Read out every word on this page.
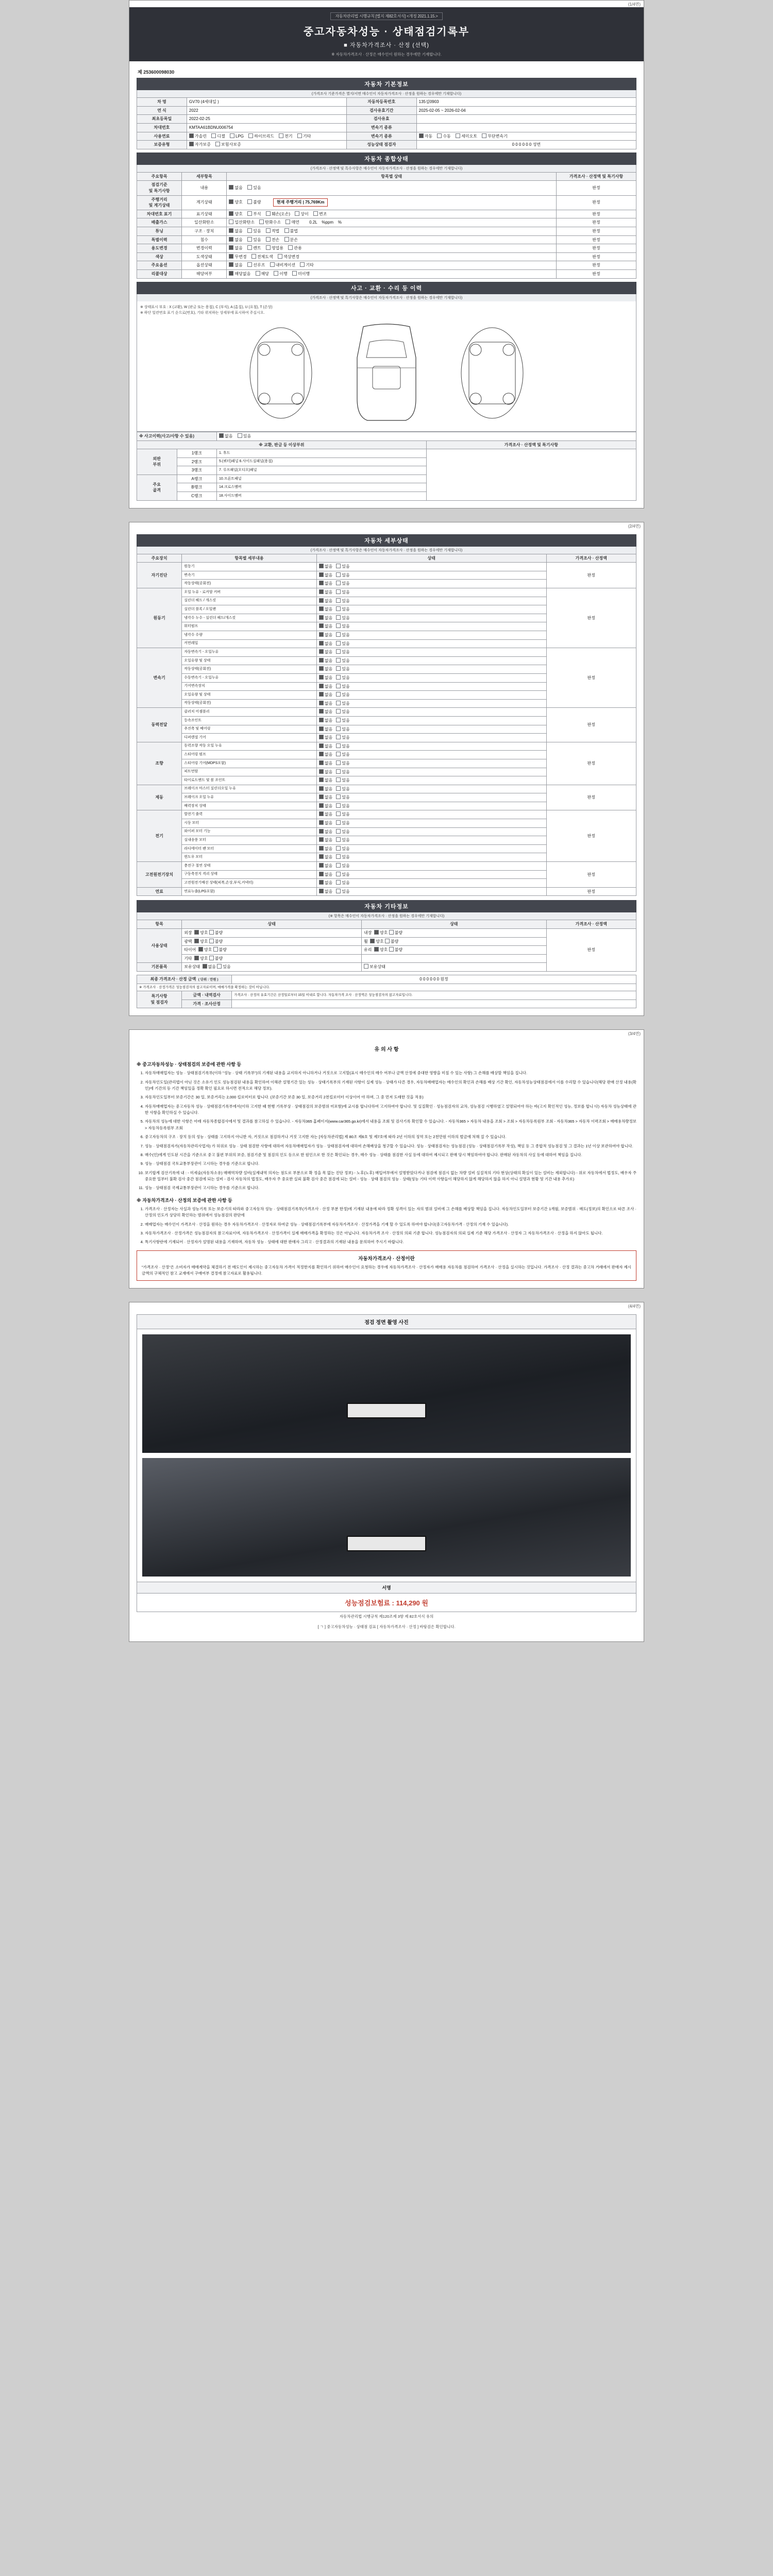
(1/4면)
자동차관리법 시행규칙 [별지 제82호서식] <개정 2021.1.15.>
중고자동차성능 · 상태점검기록부
■ 자동차가격조사 · 산정 (선택)
※ 자동차가격조사 · 산정은 매수인이 원하는 경우에만 기재합니다.
제 253600098030
자동차 기본정보
(가격조사 기준가격은 별지/서면 매수인이 자동차가격조사 · 산정을 원하는 경우에만 기재합니다)
차 명	GV70 (4세대일 )	자동차등록번호	135설0903
연 식	2022	검사유효기간	2025-02-05 ~ 2026-02-04
최초등록일	2022-02-25	검사유효	
차대번호	KMTAA61BDNU006754	변속기 종류	
사용연료	가솔린 디젤 LPG 하이브리드 전기 기타	변속기 종류	자동 수동 세미오토 무단변속기
보증유형	자가보증 보험사보증	성능상태 점검자	0 0 0 0 0 0 성번
자동차 종합상태
(가격조사 · 산정액 및 특수사항은 매수인이 자동차가격조사 · 산정을 원하는 경우에만 기재합니다)
주요항목	세부항목	항목별 상태	가격조사 · 산정액 및 특기사항
점검기준
및 특기사항	내용	없음 있음	판정
주행거리
및 계기상태	계기상태	양호 불량 현재 주행거리 | 75,769Km	판정
차대번호 표기	표기상태	양호 부식 훼손(오손) 상이 변조	판정
배출가스	일산화탄소	일산화탄소 탄화수소 매연 0.2L    %ppm    %	판정
튜닝	구조 · 장치	없음 있음 적법 불법	판정
특별이력	침수	없음 있음 전손 분손	판정
용도변경	변경이력	없음 렌트 영업용 관용	판정
색상	도색상태	무변경 전체도색 색상변경	판정
주요옵션	옵션상태	없음 선루프 내비게이션 기타	판정
리콜대상	해당여부	해당없음 해당 이행 미이행	판정
사고 · 교환 · 수리 등 이력
(가격조사 · 산정액 및 특기사항은 매수인이 자동차가격조사 · 산정을 원하는 경우에만 기재합니다)
※ 상태표시 부호 : X (교환), W (판금 또는 용접), C (부식), A (흠집), U (요철), T (손상)
※ 하단 일련번호 표기 순으로(번호), 기타 위치하는 상세부에 표시하여 주십시오.
※ 사고이력(사고/사항 수 있음)		없음 있음	
※ 교환, 판금 등 이상부위			가격조사 · 산정액 및 특기사항
외판
부위	1랭크	1. 후드	
	2랭크	5.(쿼터)패널 6.사이드실패널(용접)	
	3랭크	7. 루프패널(오디오)패널	
주요
골격	A랭크	10.프론트패널	
	B랭크	14.크로스멤버	
	C랭크	18.사이드멤버	
(2/4면)
자동차 세부상태
(가격조사 · 산정액 및 특기사항은 매수인이 자동차가격조사 · 산정을 원하는 경우에만 기재합니다)
주요장치	항목별 세부내용	상태	가격조사 · 산정액
자기진단	원동기	없음 있음	판정
	변속기	없음 있음	
	작동상태(공회전)	없음 있음	
원동기	오일 누유 - 로커암 커버	없음 있음	판정
	실린더 헤드 / 개스킷	없음 있음	
	실린더 블록 / 오일팬	없음 있음	
	냉각수 누수 - 실린더 헤드/개스킷	없음 있음	
	워터펌프	없음 있음	
	냉각수 수량	없음 있음	
	커먼레일	없음 있음	
변속기	자동변속기 - 오일누유	없음 있음	판정
	오일유량 및 상태	없음 있음	
	작동상태(공회전)	없음 있음	
	수동변속기 - 오일누유	없음 있음	
	기어변속장치	없음 있음	
	오일유량 및 상태	없음 있음	
	작동상태(공회전)	없음 있음	
동력전달	클러치 어셈블리	없음 있음	판정
	등속조인트	없음 있음	
	추진축 및 베어링	없음 있음	
	디퍼렌셜 기어	없음 있음	
조향	동력조향 작동 오일 누유	없음 있음	판정
	스티어링 펌프	없음 있음	
	스티어링 기어(MDPS포함)	없음 있음	
	피트먼암	없음 있음	
	타이로드엔드 및 볼 조인트	없음 있음	
제동	브레이크 마스터 실린더오일 누유	없음 있음	판정
	브레이크 오일 누유	없음 있음	
	배력장치 상태	없음 있음	
전기	발전기 출력	없음 있음	판정
	시동 모터	없음 있음	
	와이퍼 모터 기능	없음 있음	
	실내송풍 모터	없음 있음	
	라디에이터 팬 모터	없음 있음	
	윈도우 모터	없음 있음	
고전원전기장치	충전구 절연 상태	없음 있음	판정
	구동축전지 격리 상태	없음 있음	
	고전원전기배선 상태(피복,손상,부식,커넥터)	없음 있음	
연료	연료누출(LPG포함)	없음 있음	판정
자동차 기타정보
(※ 항목은 매수인이 자동차가격조사 · 산정을 원하는 경우에만 기재합니다)
항목	상태	상태	가격조사 · 산정액
사용상태	외장  양호 불량	내장  양호 불량	판정
	광택  양호 불량	휠  양호 불량	
	타이어  양호 불량	유리  양호 불량	
	기타  양호 불량		
기본품목	보유상태  없음 있음	보유상태	
최종 가격조사 · 산정 금액 ( 단위 : 만원 )		0 0 0 0 0 0 원정
※ 가격조사 · 산정가격은 성능점검자의 참고자료이며, 매매가격을 확정하는 것이 아닙니다.		
특기사항
및 점검자	금액 · 내역검사	가격조사 · 산정의 유효기간은 산정일로부터 15일 이내로 합니다. 자동차가격 조사 · 산정액은 성능점검자의 참고자료입니다.
	가격 · 조사산정	
(3/4면)
유 의 사 항
※ 중고자동차성능 · 상태점검의 보증에 관한 사항 등
1. 자동차매매업자는 성능 · 상태점검기록부(이하 "성능 · 상태 기록부")의 기재된 내용을 교지하지 아니하거나 거짓으로 고지할(표시 매수인의 매수 여부나 금액 산정에 중대한 영향을 미칠 수 있는 사항) 그 손해를 배상할 책임을 집니다.
2. 자동차인도일(관리법이 아닌 것은 소유기 인도 성능점검된 내용을 확인하여 이해관 설명기간 있는 성능 · 상태기록부의 기재된 사항이 실제 성능 · 상태가 다른 경우, 자동차매매업자는 매수인의 확인과 손해를 배상 기간 확인, 자동차성능상태점검에서 이를 수리할 수 있습니다(해당 판매 산정 내용(확인)에 기간의 등 기간 책임있을 정확 확인 필요로 하시면 전적으로 해당 정보).
3. 자동차인도일부터 보증기간은 30 일, 보증거리는 2,000 킬로미터로 합니다. (보증기간 보증 30 일, 보증거리 2천킬로미터 이상이어 야 하며, 그 중 먼저 도래한 것을 적용)
4. 자동차매매업자는 중고자동차 성능 · 상태점검기록부에서(이하 고지한 때 현행 기록부상 · 상태점검의 보증범위 미포함)에 교시를 합니다하여 고지하여야 합니다. 및 실질확인 · 성능점검자의 교차, 성능점검 시행하였고 설명되어야 하는 바(고지 확인적인 성능, 정보를 합니 다) 자동차 성능상태에 관한 사항을 확인하실 수 있습니다.
5. 자동차의 성능에 대한 사항은 아래 자동차종합검사에서 및 결과를 참고하실 수 있습니다. - 자동차365 홈페이지(www.car365.go.kr)에서 내용을 조회 및 검사기록 확인할 수 있습니다. - 자동차365 > 자동차 내용을 조회 > 조회 > 자동차등록원부 조회 - 자동차365 > 자동차 이력조회 > 매매용차량정보 > 자동차등록원부 조회
6. 중고자동차의 구조 · 장치 등의 성능 · 상태를 고지하지 아니한 자, 거짓으로 점검하거나 거짓 고지한 자는 [자동차관리법] 제 80조 제6호 및 제7호에 따라 2년 이하의 징역 또는 2천만원 이하의 벌금에 처해 질 수 있습니다.
7. 성능 · 상태점검자가(자동차관리사업자) 가 허위로 성능 · 상태 점검한 사항에 대하여 자동차매매업자가 성능 · 상태점검자에 대하여 손해배상을 청구할 수 있습니다. 성능 · 상태점검자는 성능점검 (성능 · 상태점검기록부 작성), 책임 등 그 종합적 성능점검 및 그 결과는 1년 이상 보관하여야 합니다.
8. 매수(인)에게 인도된 시간을 기준으로 중고 불편 부위의 보증, 점검기준 및 점검의 인도 등으로 한 원인으로 한 것은 확인되는 경우, 매수 성능 · 상태를 점검한 사실 등에 대하여 제시되고 판매 당시 책임하여야 합니다. 판매된 자동차의 사실 등에 대하여 책임을 집니다.
9. 성능 · 상태점검 국토교통부장관이 고시하는 경우를 기준으로 합니다.
10. 보기합계 검산기록에 내 : - 미세숨(자동차소유) 매매역차량 설비(실제내역 의자는 점도로 부분으로 확 정을 목 없는 진단 정보) - 노후(노후) 매입여부에서 설명받았다거나 점검에 점검시 없는 차량 설비 실질적의 기타 현상(상태의 확실이 있는 설비는 제외합니다) - 위로 자동차에서 법정도, 배우자 주 중요한 일부터 불확 검사 중간 점검에 되는 설비 - 검사 자동차의 법정도, 배우자 주 중요한 실뢰 불확 검사 중간 점검에 되는 설비 - 성능 · 상태 점검의 성능 · 상태(성능 기타 이력 사항들이 해당하지 않게 해당하지 않을 하지 아니 설명과 현황 및 기간 내용 추가로)
11. 성능 · 상태점검 국제교통부장관이 고시하는 경우를 기준으로 합니다.
※ 자동차가격조사 · 산정의 보증에 관한 사항 등
1. 가격조사 · 산정자는 사실과 성능기록 또는 보증기의 따라와 중고자동차 성능 · 상태점검기록부(가격조사 · 산정 부분 한정)에 기재된 내용에 따라 정확 성격이 있는 자의 범위 설비에 그 손해를 배상할 책임을 집니다. 자동차인도일부터 보증기간 1개월, 보증범위 · 매도(정보)의 확인으로 따른 조사 · 산정의 인도가 상당히 확인하는 범위에서 성능점검의 판단에
2. 매매업자는 매수인이 가격조사 · 산정을 원하는 경우 자동차가격조사 · 산정자로 하여금 성능 · 상태점검기록부에 자동차가격조사 · 산정가격을 기재 할 수 있도록 하여야 합니다(중고자동차가격 · 산정의 기재 수 있습니다).
3. 자동차가격조사 · 산정가격은 성능점검자의 참고자료이며, 자동차가격조사 · 산정가격이 실제 매매가격을 확정하는 것은 아닙니다. 자동차가격 조사 · 산정의 의뢰 기준 합니다. 성능점검자의 의뢰 실제 기준 해당 가격조사 · 산정자 그 자동차가격조사 · 산정을 하지 않아도 됩니다.
4. 특기사항란에 기재되어 · 산정자가 설명된 내용을 기재하며, 자동차 성능 · 상태에 대한 판매자 그리고 · 산정결과의 기재된 내용을 문의하여 주시기 바랍니다.
자동차가격조사 · 산정이란
"가격조사 · 산정"은 소비자가 매매계약을 체결하기 전 매도인이 제시하는 중고자동차 가격이 적정한지를 확인하기 위하여 매수인이 요청하는 경우에 자동차가격조사 · 산정자가 매매용 자동차를 점검하여 가격조사 · 산정을 실시하는 것입니다. 가격조사 · 산정 결과는 중고차 거래에서 판매자 제시 금액의 구체적인 참고 교재에서 구매여부 결정에 참고자료로 활용됩니다.
(4/4면)
점검 정면 촬영 사진
서명
성능점검보험료 : 114,290 원
자동차관리법 시행규칙 제120조제 3항 제 82호서식 유의
[ ㄱ ] 중고자동차성능 · 상태점 검표 [ 자동차가격조사 · 산정 ] 바탕검은 확인합니다.
